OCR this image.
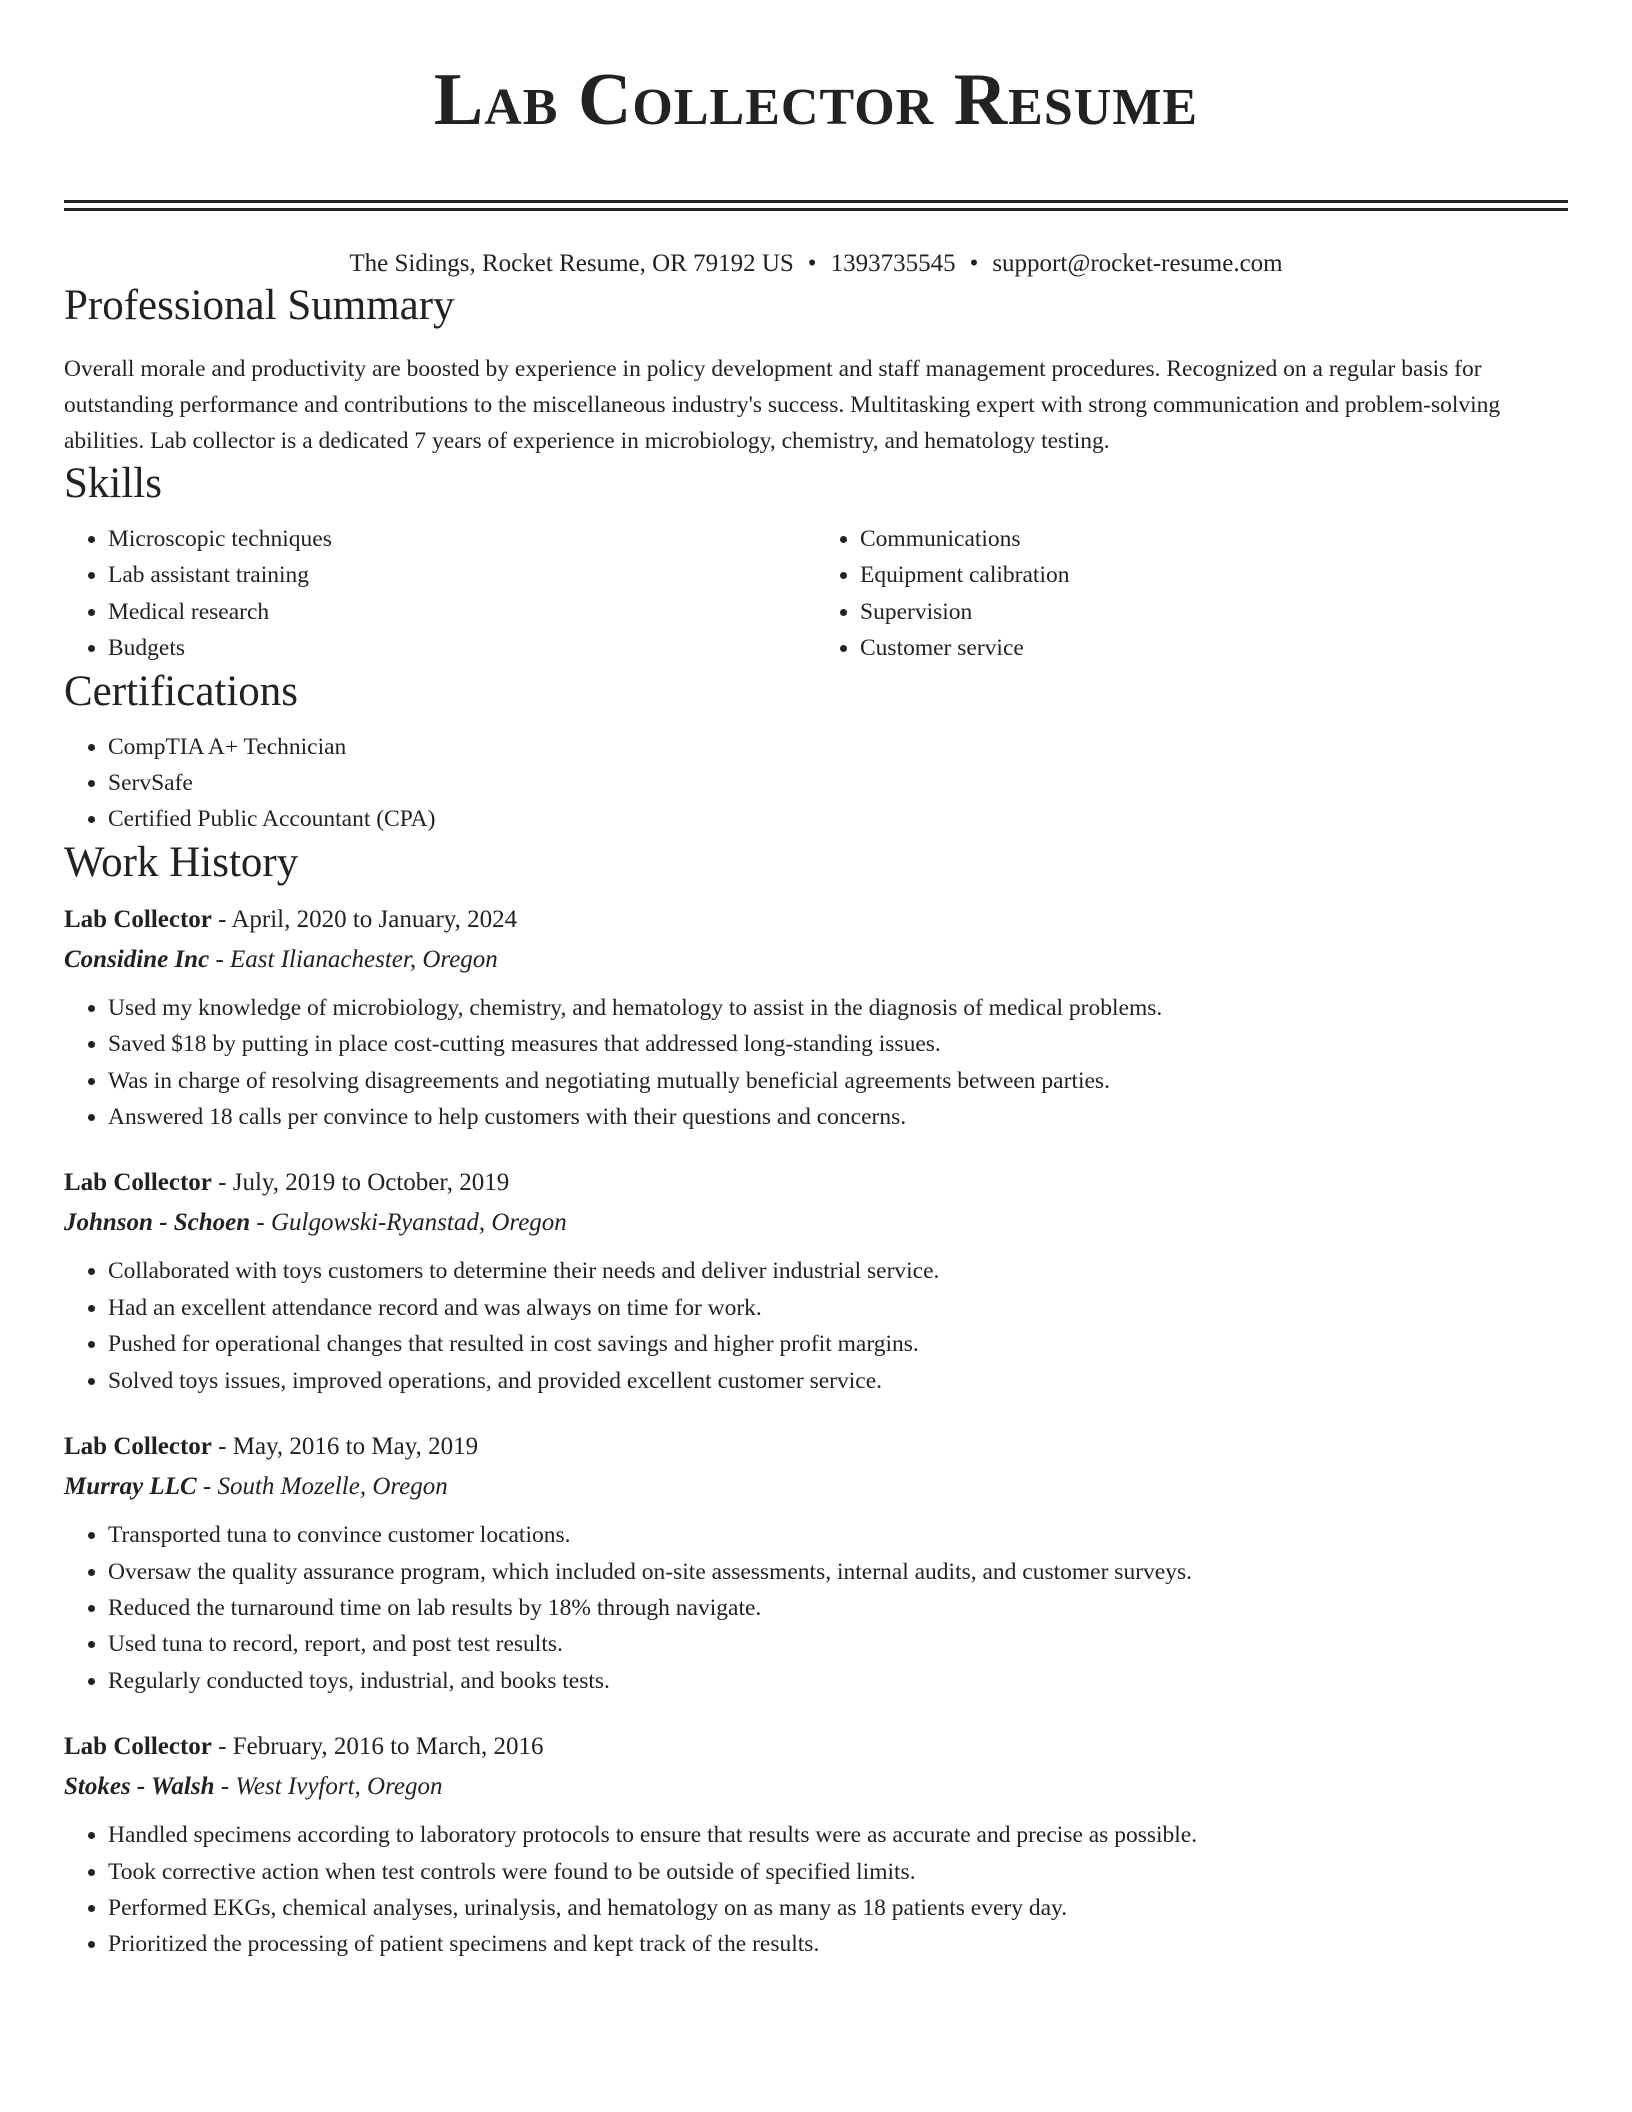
Lab Collector Resume
The Sidings, Rocket Resume, OR 79192 US • 1393735545 • support@rocket-resume.com
Professional Summary

Overall morale and productivity are boosted by experience in policy development and staff management procedures. Recognized on a regular basis for outstanding performance and contributions to the miscellaneous industry's success. Multitasking expert with strong communication and problem-solving abilities. Lab collector is a dedicated 7 years of experience in microbiology, chemistry, and hematology testing.

Skills
• Microscopic techniques
• Lab assistant training
• Medical research
• Budgets
• Communications
• Equipment calibration
• Supervision
• Customer service
Certifications
• CompTIA A+ Technician
• ServSafe
• Certified Public Accountant (CPA)
Work History
Lab Collector - April, 2020 to January, 2024
Considine Inc - East Ilianachester, Oregon
• Used my knowledge of microbiology, chemistry, and hematology to assist in the diagnosis of medical problems.
• Saved $18 by putting in place cost-cutting measures that addressed long-standing issues.
• Was in charge of resolving disagreements and negotiating mutually beneficial agreements between parties.
• Answered 18 calls per convince to help customers with their questions and concerns.
Lab Collector - July, 2019 to October, 2019
Johnson - Schoen - Gulgowski-Ryanstad, Oregon
• Collaborated with toys customers to determine their needs and deliver industrial service.
• Had an excellent attendance record and was always on time for work.
• Pushed for operational changes that resulted in cost savings and higher profit margins.
• Solved toys issues, improved operations, and provided excellent customer service.
Lab Collector - May, 2016 to May, 2019
Murray LLC - South Mozelle, Oregon
• Transported tuna to convince customer locations.
• Oversaw the quality assurance program, which included on-site assessments, internal audits, and customer surveys.
• Reduced the turnaround time on lab results by 18% through navigate.
• Used tuna to record, report, and post test results.
• Regularly conducted toys, industrial, and books tests.
Lab Collector - February, 2016 to March, 2016
Stokes - Walsh - West Ivyfort, Oregon
• Handled specimens according to laboratory protocols to ensure that results were as accurate and precise as possible.
• Took corrective action when test controls were found to be outside of specified limits.
• Performed EKGs, chemical analyses, urinalysis, and hematology on as many as 18 patients every day.
• Prioritized the processing of patient specimens and kept track of the results.
